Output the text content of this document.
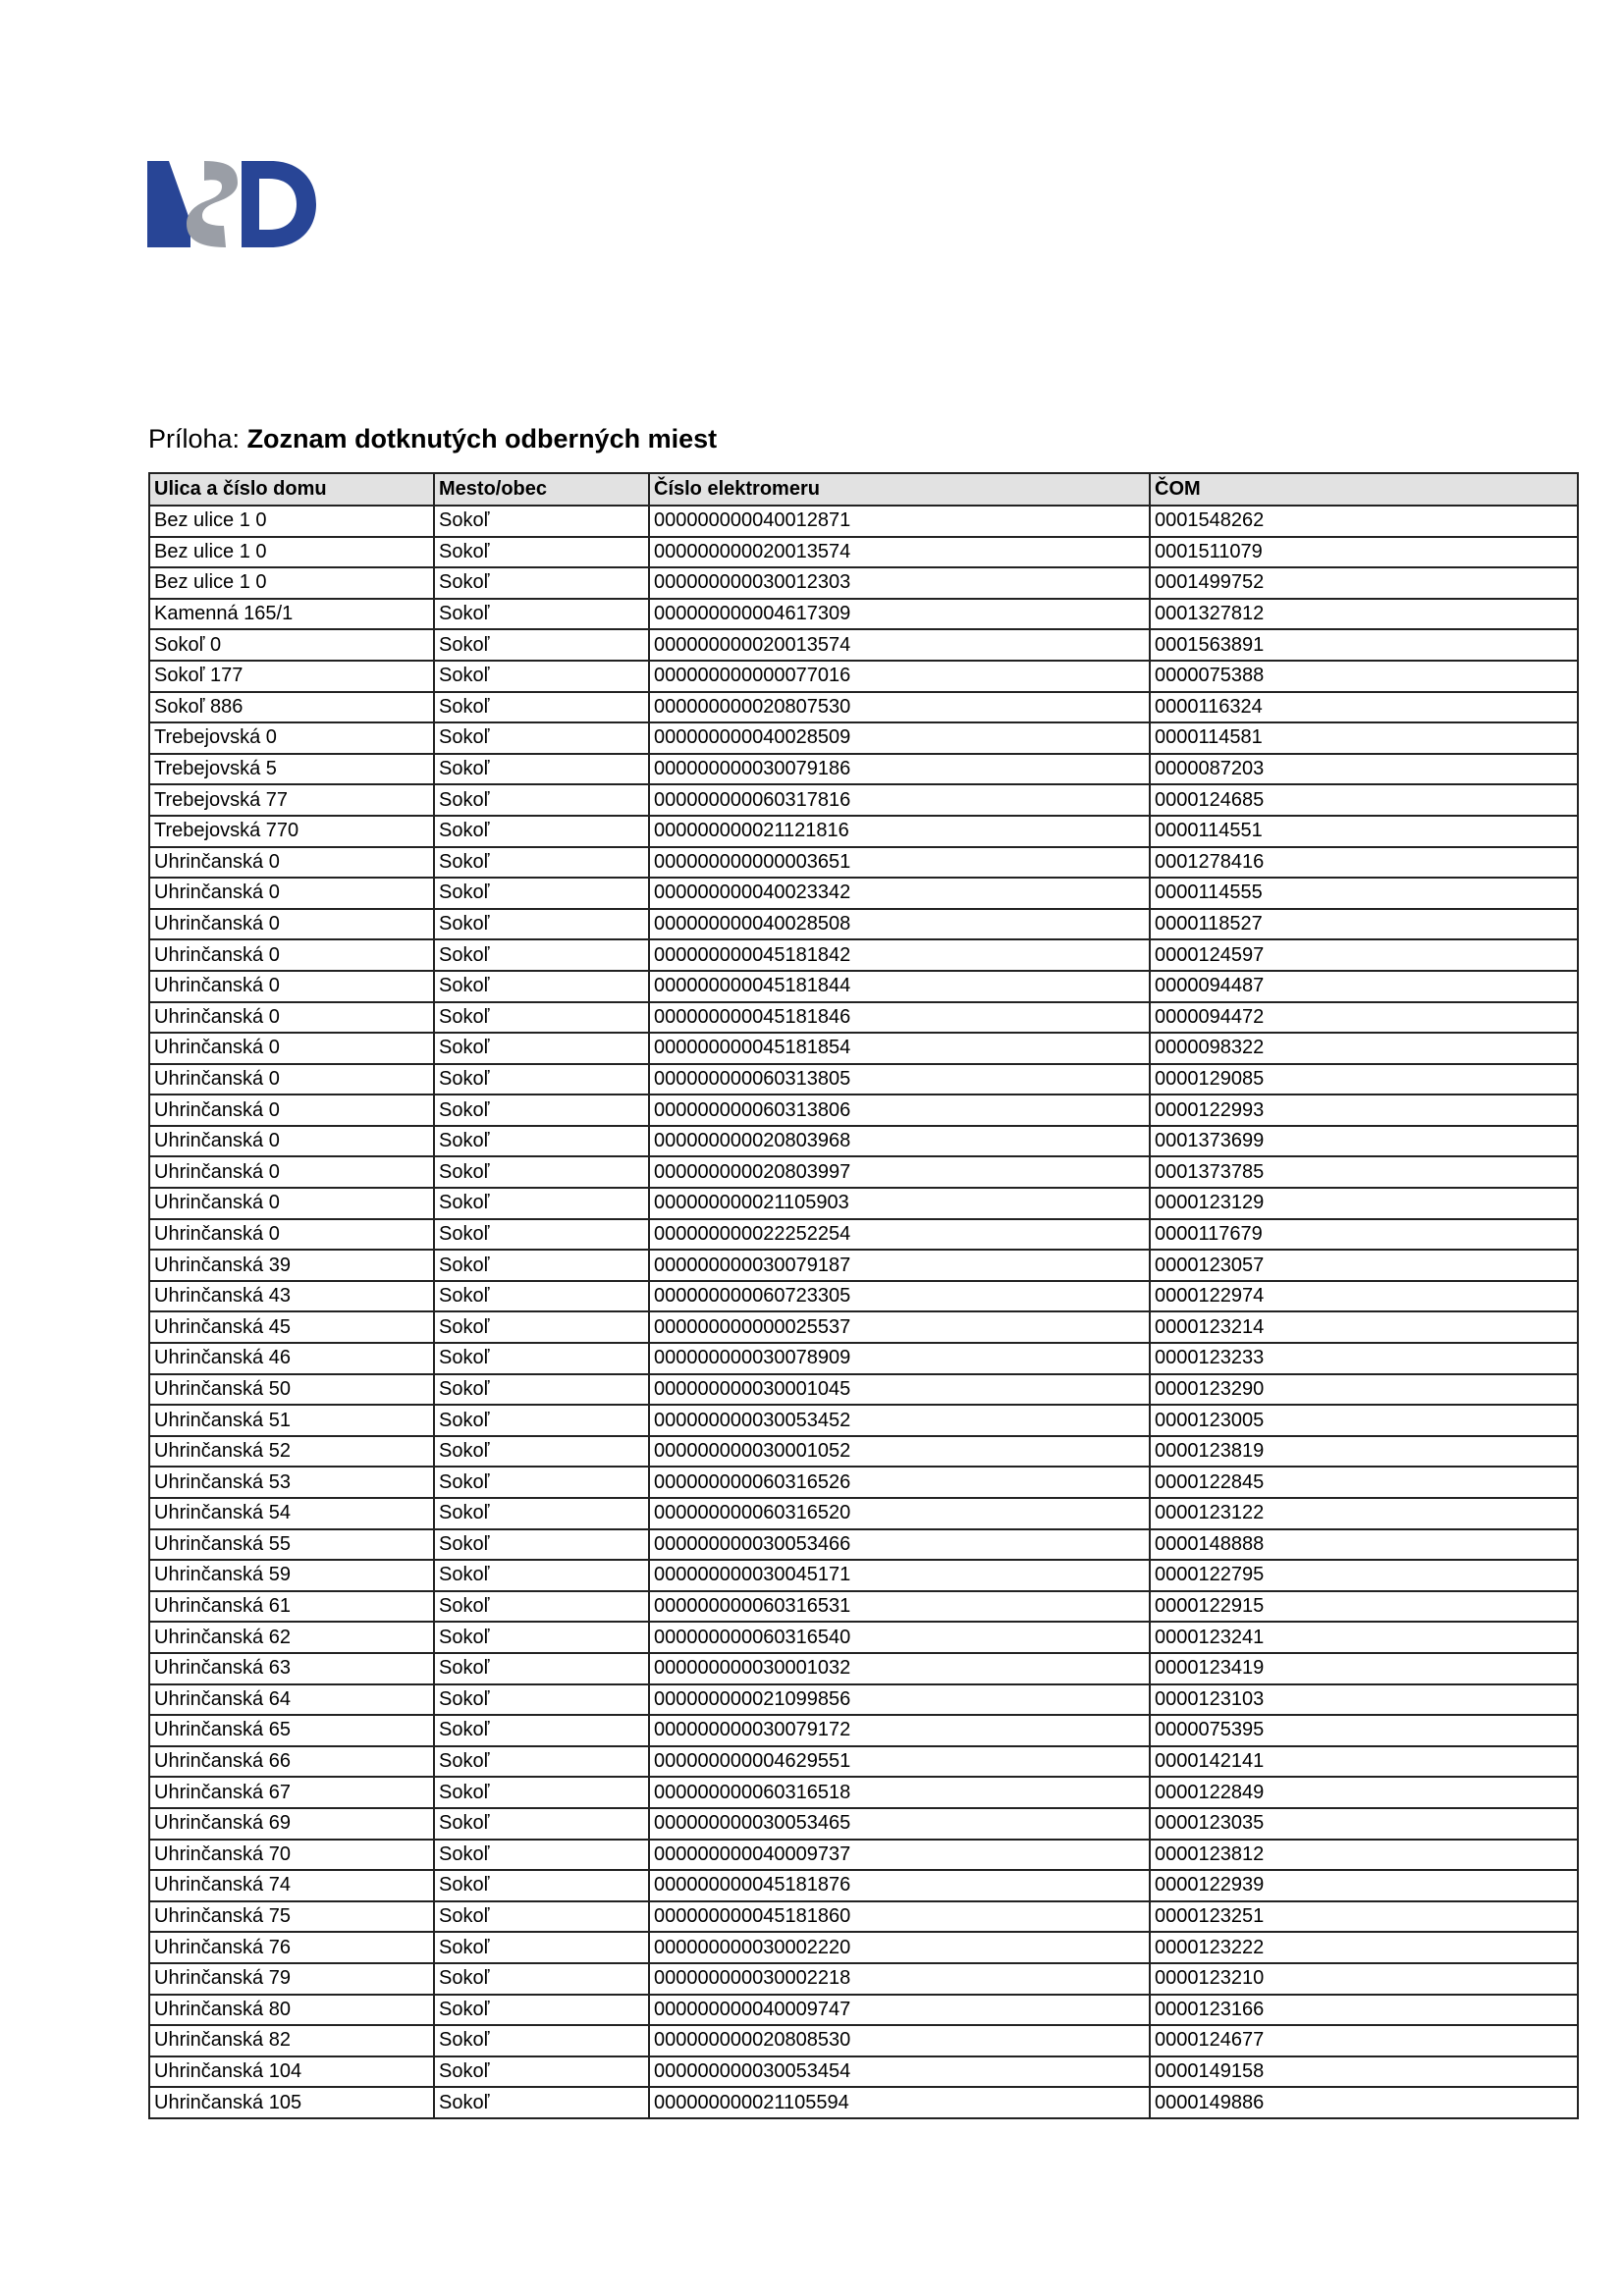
Príloha: Zoznam dotknutých odberných miest
Ulica a číslo domu	Mesto/obec	Číslo elektromeru	ČOM
Bez ulice 1 0	Sokoľ	000000000040012871	0001548262
Bez ulice 1 0	Sokoľ	000000000020013574	0001511079
Bez ulice 1 0	Sokoľ	000000000030012303	0001499752
Kamenná 165/1	Sokoľ	000000000004617309	0001327812
Sokoľ 0	Sokoľ	000000000020013574	0001563891
Sokoľ 177	Sokoľ	000000000000077016	0000075388
Sokoľ 886	Sokoľ	000000000020807530	0000116324
Trebejovská 0	Sokoľ	000000000040028509	0000114581
Trebejovská 5	Sokoľ	000000000030079186	0000087203
Trebejovská 77	Sokoľ	000000000060317816	0000124685
Trebejovská 770	Sokoľ	000000000021121816	0000114551
Uhrinčanská 0	Sokoľ	000000000000003651	0001278416
Uhrinčanská 0	Sokoľ	000000000040023342	0000114555
Uhrinčanská 0	Sokoľ	000000000040028508	0000118527
Uhrinčanská 0	Sokoľ	000000000045181842	0000124597
Uhrinčanská 0	Sokoľ	000000000045181844	0000094487
Uhrinčanská 0	Sokoľ	000000000045181846	0000094472
Uhrinčanská 0	Sokoľ	000000000045181854	0000098322
Uhrinčanská 0	Sokoľ	000000000060313805	0000129085
Uhrinčanská 0	Sokoľ	000000000060313806	0000122993
Uhrinčanská 0	Sokoľ	000000000020803968	0001373699
Uhrinčanská 0	Sokoľ	000000000020803997	0001373785
Uhrinčanská 0	Sokoľ	000000000021105903	0000123129
Uhrinčanská 0	Sokoľ	000000000022252254	0000117679
Uhrinčanská 39	Sokoľ	000000000030079187	0000123057
Uhrinčanská 43	Sokoľ	000000000060723305	0000122974
Uhrinčanská 45	Sokoľ	000000000000025537	0000123214
Uhrinčanská 46	Sokoľ	000000000030078909	0000123233
Uhrinčanská 50	Sokoľ	000000000030001045	0000123290
Uhrinčanská 51	Sokoľ	000000000030053452	0000123005
Uhrinčanská 52	Sokoľ	000000000030001052	0000123819
Uhrinčanská 53	Sokoľ	000000000060316526	0000122845
Uhrinčanská 54	Sokoľ	000000000060316520	0000123122
Uhrinčanská 55	Sokoľ	000000000030053466	0000148888
Uhrinčanská 59	Sokoľ	000000000030045171	0000122795
Uhrinčanská 61	Sokoľ	000000000060316531	0000122915
Uhrinčanská 62	Sokoľ	000000000060316540	0000123241
Uhrinčanská 63	Sokoľ	000000000030001032	0000123419
Uhrinčanská 64	Sokoľ	000000000021099856	0000123103
Uhrinčanská 65	Sokoľ	000000000030079172	0000075395
Uhrinčanská 66	Sokoľ	000000000004629551	0000142141
Uhrinčanská 67	Sokoľ	000000000060316518	0000122849
Uhrinčanská 69	Sokoľ	000000000030053465	0000123035
Uhrinčanská 70	Sokoľ	000000000040009737	0000123812
Uhrinčanská 74	Sokoľ	000000000045181876	0000122939
Uhrinčanská 75	Sokoľ	000000000045181860	0000123251
Uhrinčanská 76	Sokoľ	000000000030002220	0000123222
Uhrinčanská 79	Sokoľ	000000000030002218	0000123210
Uhrinčanská 80	Sokoľ	000000000040009747	0000123166
Uhrinčanská 82	Sokoľ	000000000020808530	0000124677
Uhrinčanská 104	Sokoľ	000000000030053454	0000149158
Uhrinčanská 105	Sokoľ	000000000021105594	0000149886
